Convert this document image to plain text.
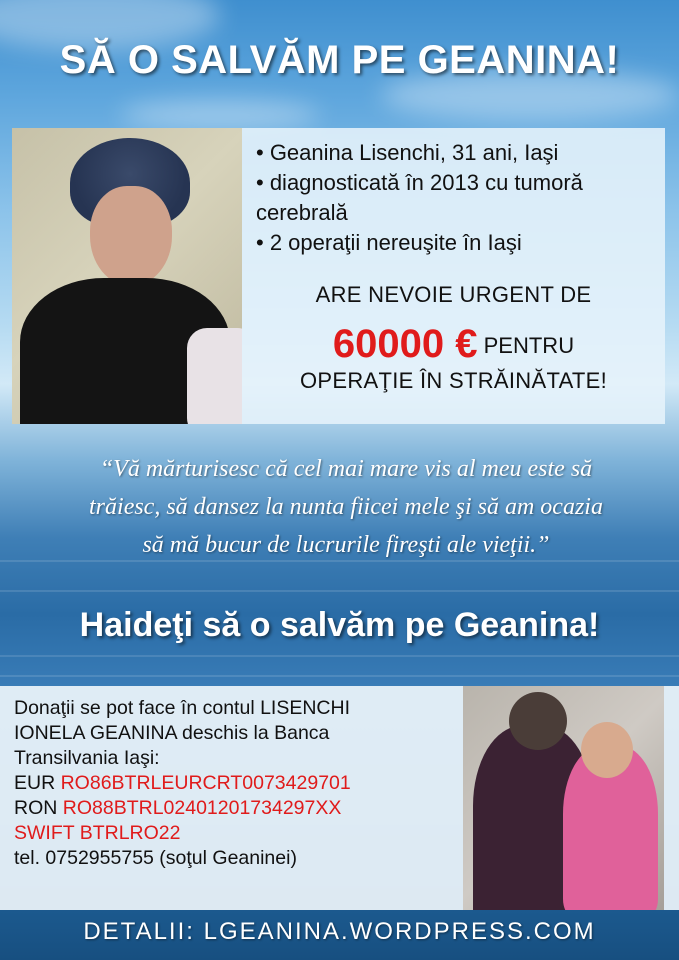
SĂ O SALVĂM PE GEANINA!
• Geanina Lisenchi, 31 ani, Iaşi
• diagnosticată în 2013 cu tumoră
cerebrală
• 2 operaţii nereuşite în Iaşi
ARE NEVOIE URGENT DE
60000 € PENTRU
OPERAŢIE ÎN STRĂINĂTATE!
“Vă mărturisesc că cel mai mare vis al meu este să
trăiesc, să dansez la nunta fiicei mele şi să am ocazia
să mă bucur de lucrurile fireşti ale vieţii.”
Haideţi să o salvăm pe Geanina!
Donaţii se pot face în contul LISENCHI
IONELA GEANINA deschis la Banca
Transilvania Iaşi:
EUR RO86BTRLEURCRT0073429701
RON RO88BTRL02401201734297XX
SWIFT BTRLRO22
tel. 0752955755 (soţul Geaninei)
DETALII: LGEANINA.WORDPRESS.COM
